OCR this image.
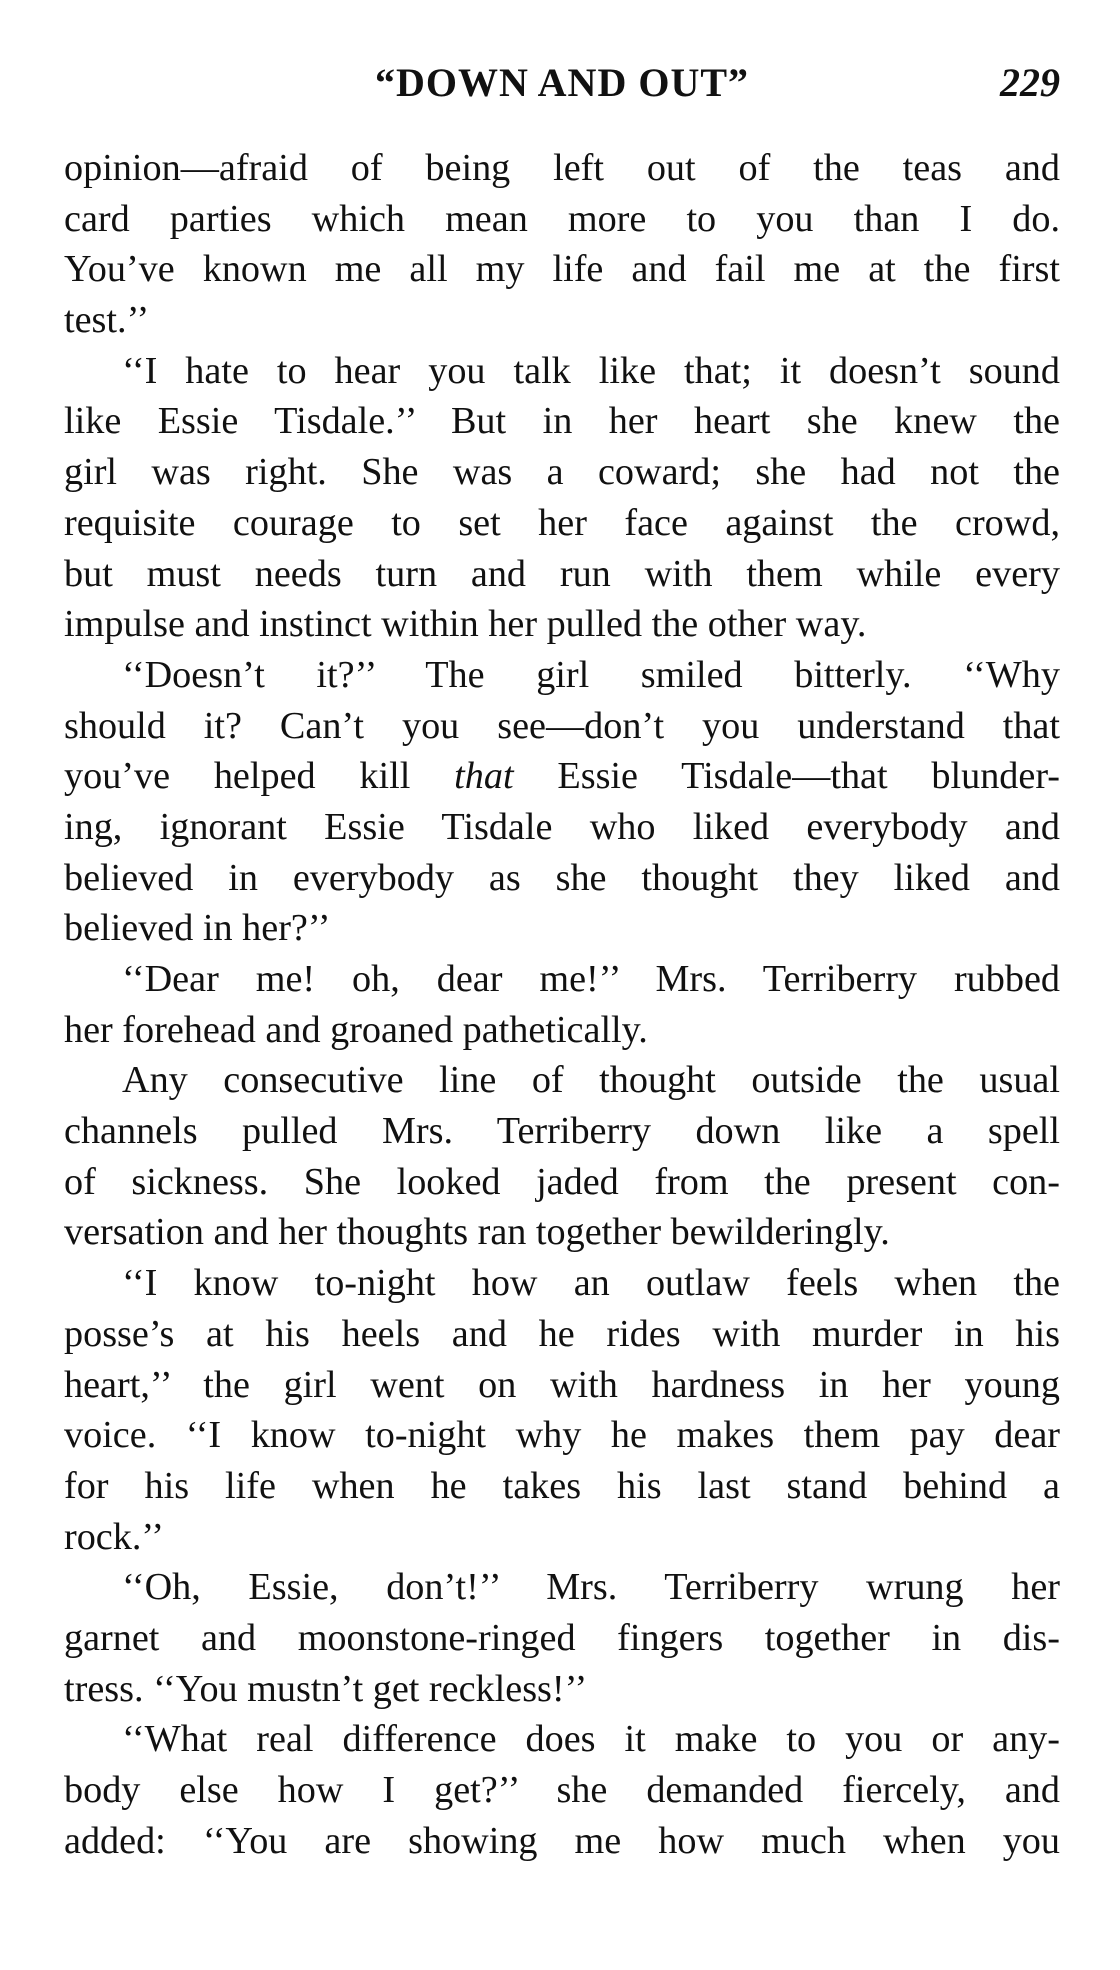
“DOWN AND OUT”	229

opinion—afraid of being left out of the teas and
card parties which mean more to you than I do.
You’ve known me all my life and fail me at the first
test.’’

‘‘I hate to hear you talk like that; it doesn’t sound
like Essie Tisdale.’’ But in her heart she knew the
girl was right. She was a coward; she had not the
requisite courage to set her face against the crowd,
but must needs turn and run with them while every
impulse and instinct within her pulled the other way.

‘‘Doesn’t it?’’ The girl smiled bitterly. ‘‘Why
should it? Can’t you see—don’t you understand that
you’ve helped kill that Essie Tisdale—that blunder-
ing, ignorant Essie Tisdale who liked everybody and
believed in everybody as she thought they liked and
believed in her?’’

‘‘Dear me! oh, dear me!’’ Mrs. Terriberry rubbed
her forehead and groaned pathetically.

Any consecutive line of thought outside the usual
channels pulled Mrs. Terriberry down like a spell
of sickness. She looked jaded from the present con-
versation and her thoughts ran together bewilderingly.

‘‘I know to-night how an outlaw feels when the
posse’s at his heels and he rides with murder in his
heart,’’ the girl went on with hardness in her young
voice. ‘‘I know to-night why he makes them pay dear
for his life when he takes his last stand behind a
rock.’’

‘‘Oh, Essie, don’t!’’ Mrs. Terriberry wrung her
garnet and moonstone-ringed fingers together in dis-
tress. ‘‘You mustn’t get reckless!’’

‘‘What real difference does it make to you or any-
body else how I get?’’ she demanded fiercely, and
added: ‘‘You are showing me how much when you
